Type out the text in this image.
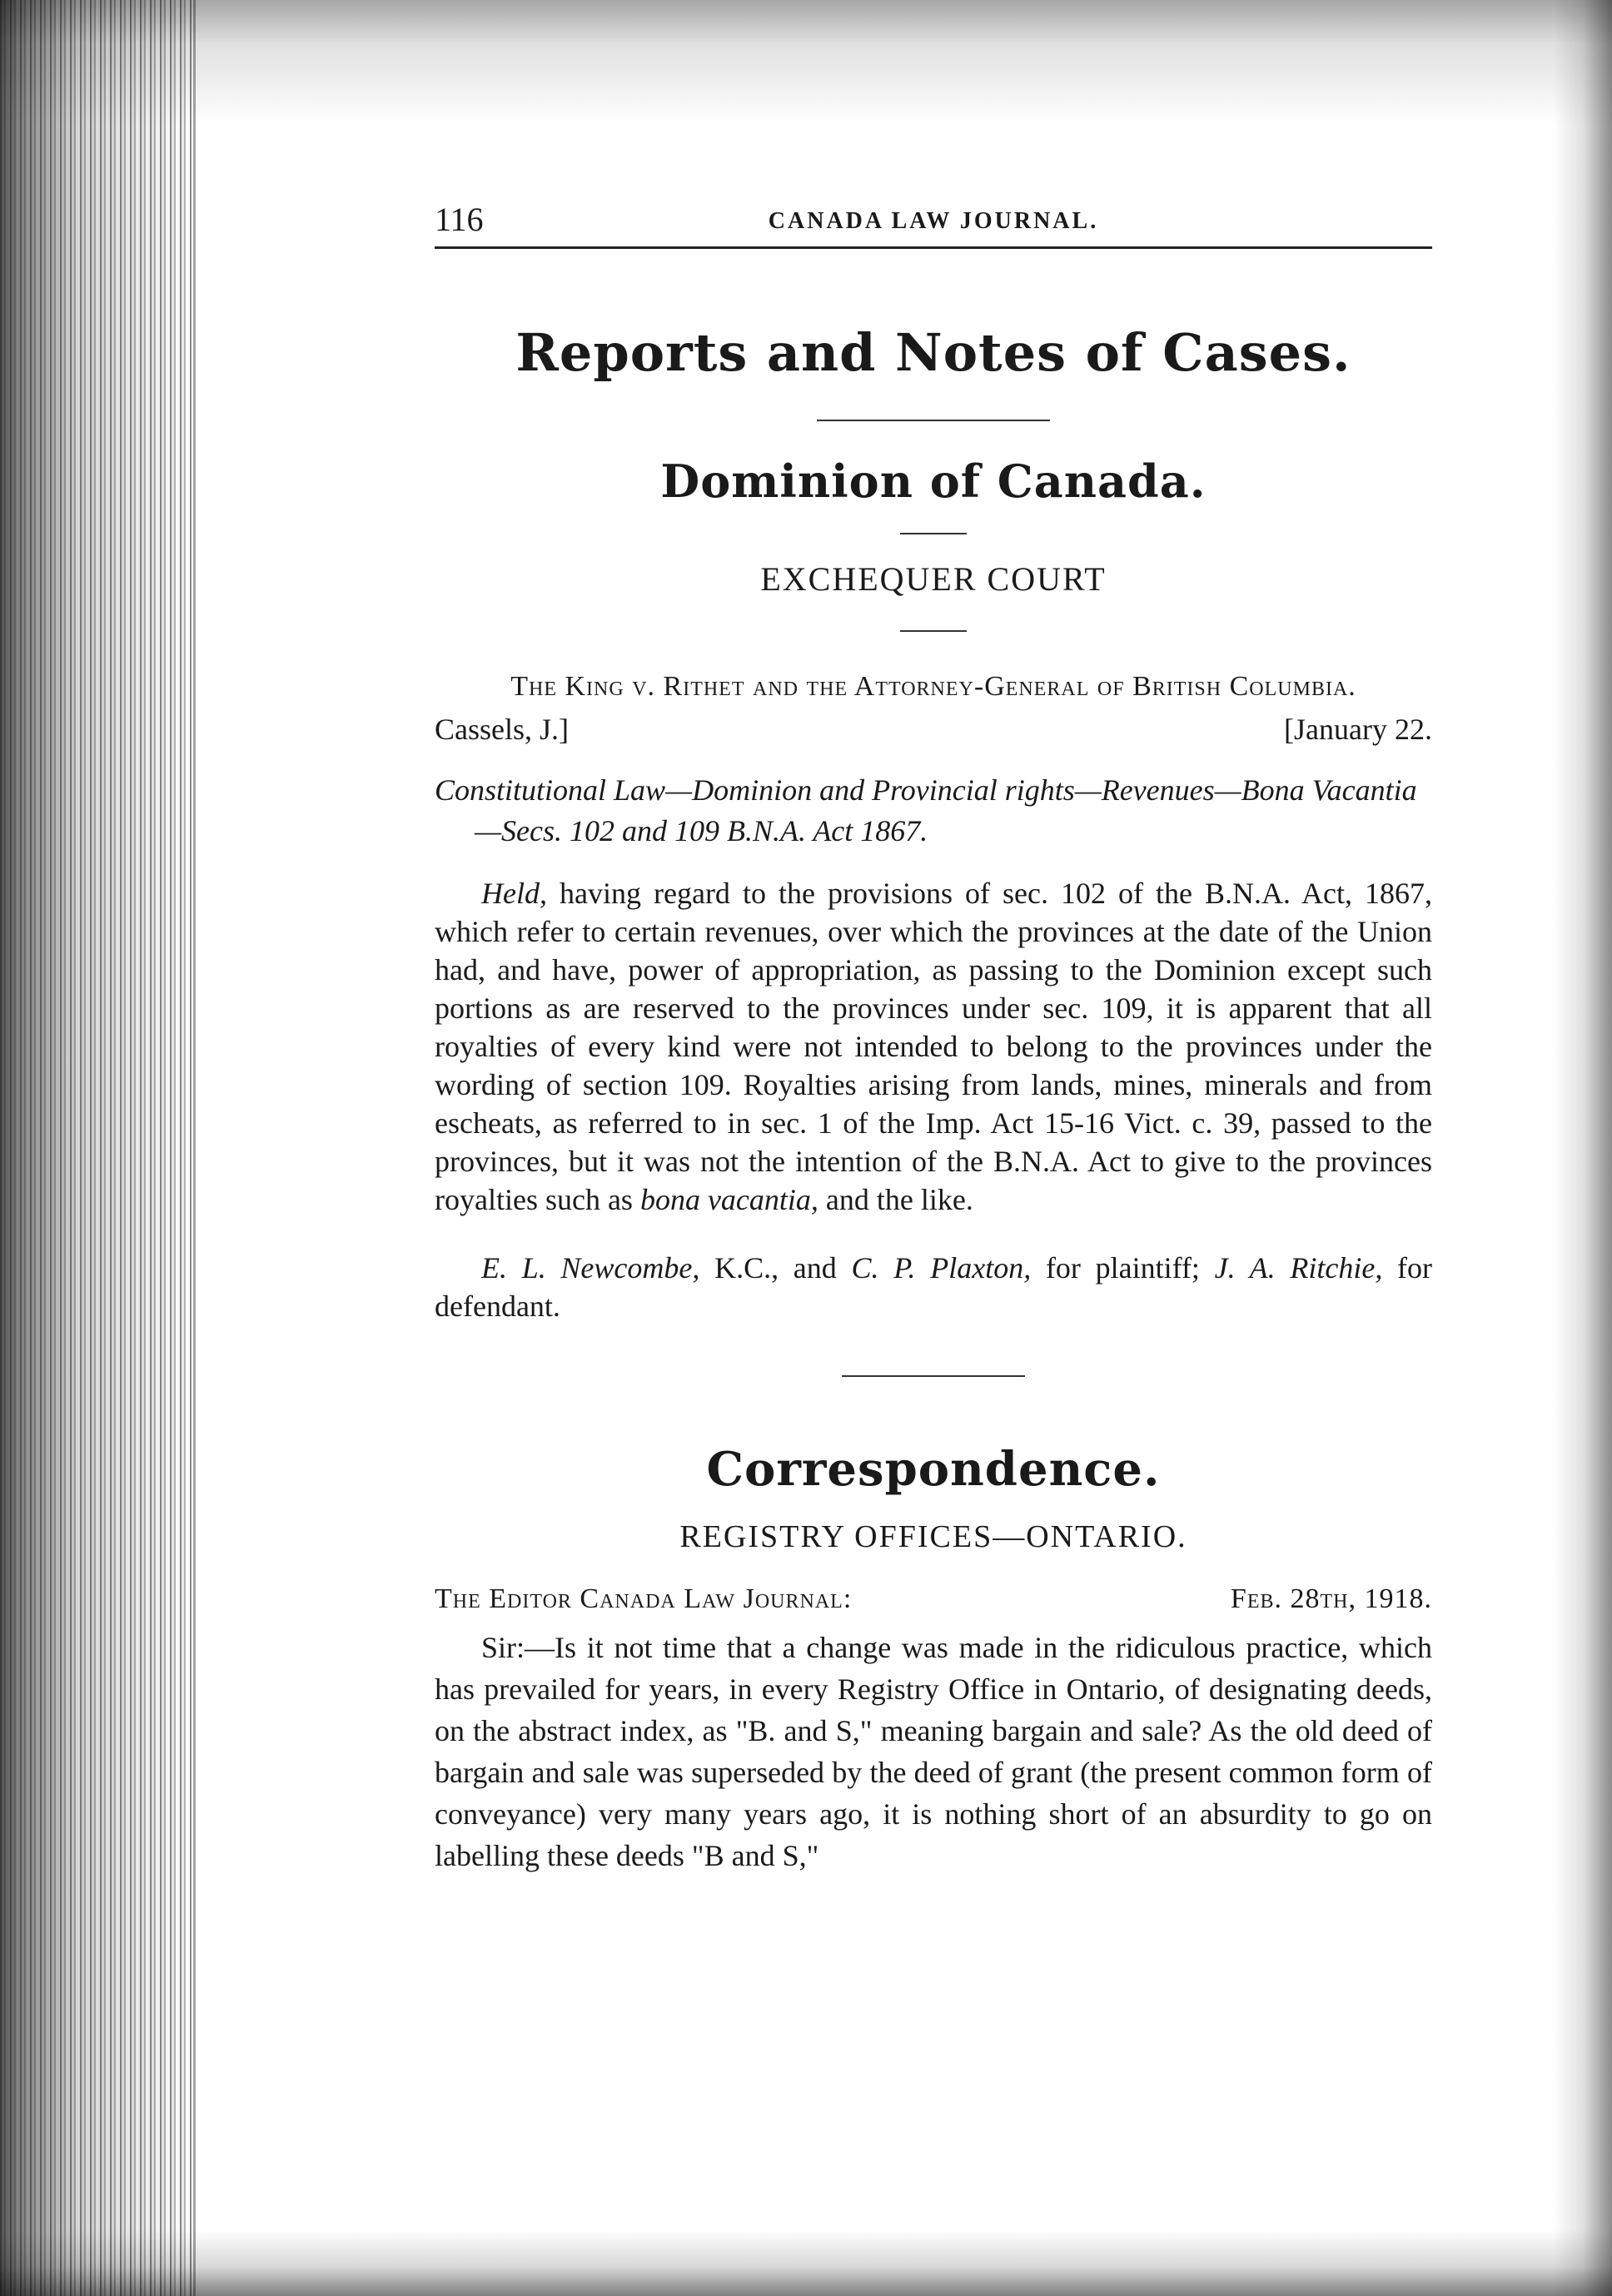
116	CANADA LAW JOURNAL.
Reports and Notes of Cases.
Dominion of Canada.
EXCHEQUER COURT
The King v. Rithet and the Attorney-General of British Columbia.
Cassels, J.]	[January 22.
Constitutional Law—Dominion and Provincial rights—Revenues—Bona Vacantia—Secs. 102 and 109 B.N.A. Act 1867.

Held, having regard to the provisions of sec. 102 of the B.N.A. Act, 1867, which refer to certain revenues, over which the provinces at the date of the Union had, and have, power of appropriation, as passing to the Dominion except such portions as are reserved to the provinces under sec. 109, it is apparent that all royalties of every kind were not intended to belong to the provinces under the wording of section 109. Royalties arising from lands, mines, minerals and from escheats, as referred to in sec. 1 of the Imp. Act 15-16 Vict. c. 39, passed to the provinces, but it was not the intention of the B.N.A. Act to give to the provinces royalties such as bona vacantia, and the like.

E. L. Newcombe, K.C., and C. P. Plaxton, for plaintiff; J. A. Ritchie, for defendant.

Correspondence.
REGISTRY OFFICES—ONTARIO.
The Editor Canada Law Journal:	Feb. 28th, 1918.

Sir:—Is it not time that a change was made in the ridiculous practice, which has prevailed for years, in every Registry Office in Ontario, of designating deeds, on the abstract index, as "B. and S," meaning bargain and sale? As the old deed of bargain and sale was superseded by the deed of grant (the present common form of conveyance) very many years ago, it is nothing short of an absurdity to go on labelling these deeds "B and S,"
